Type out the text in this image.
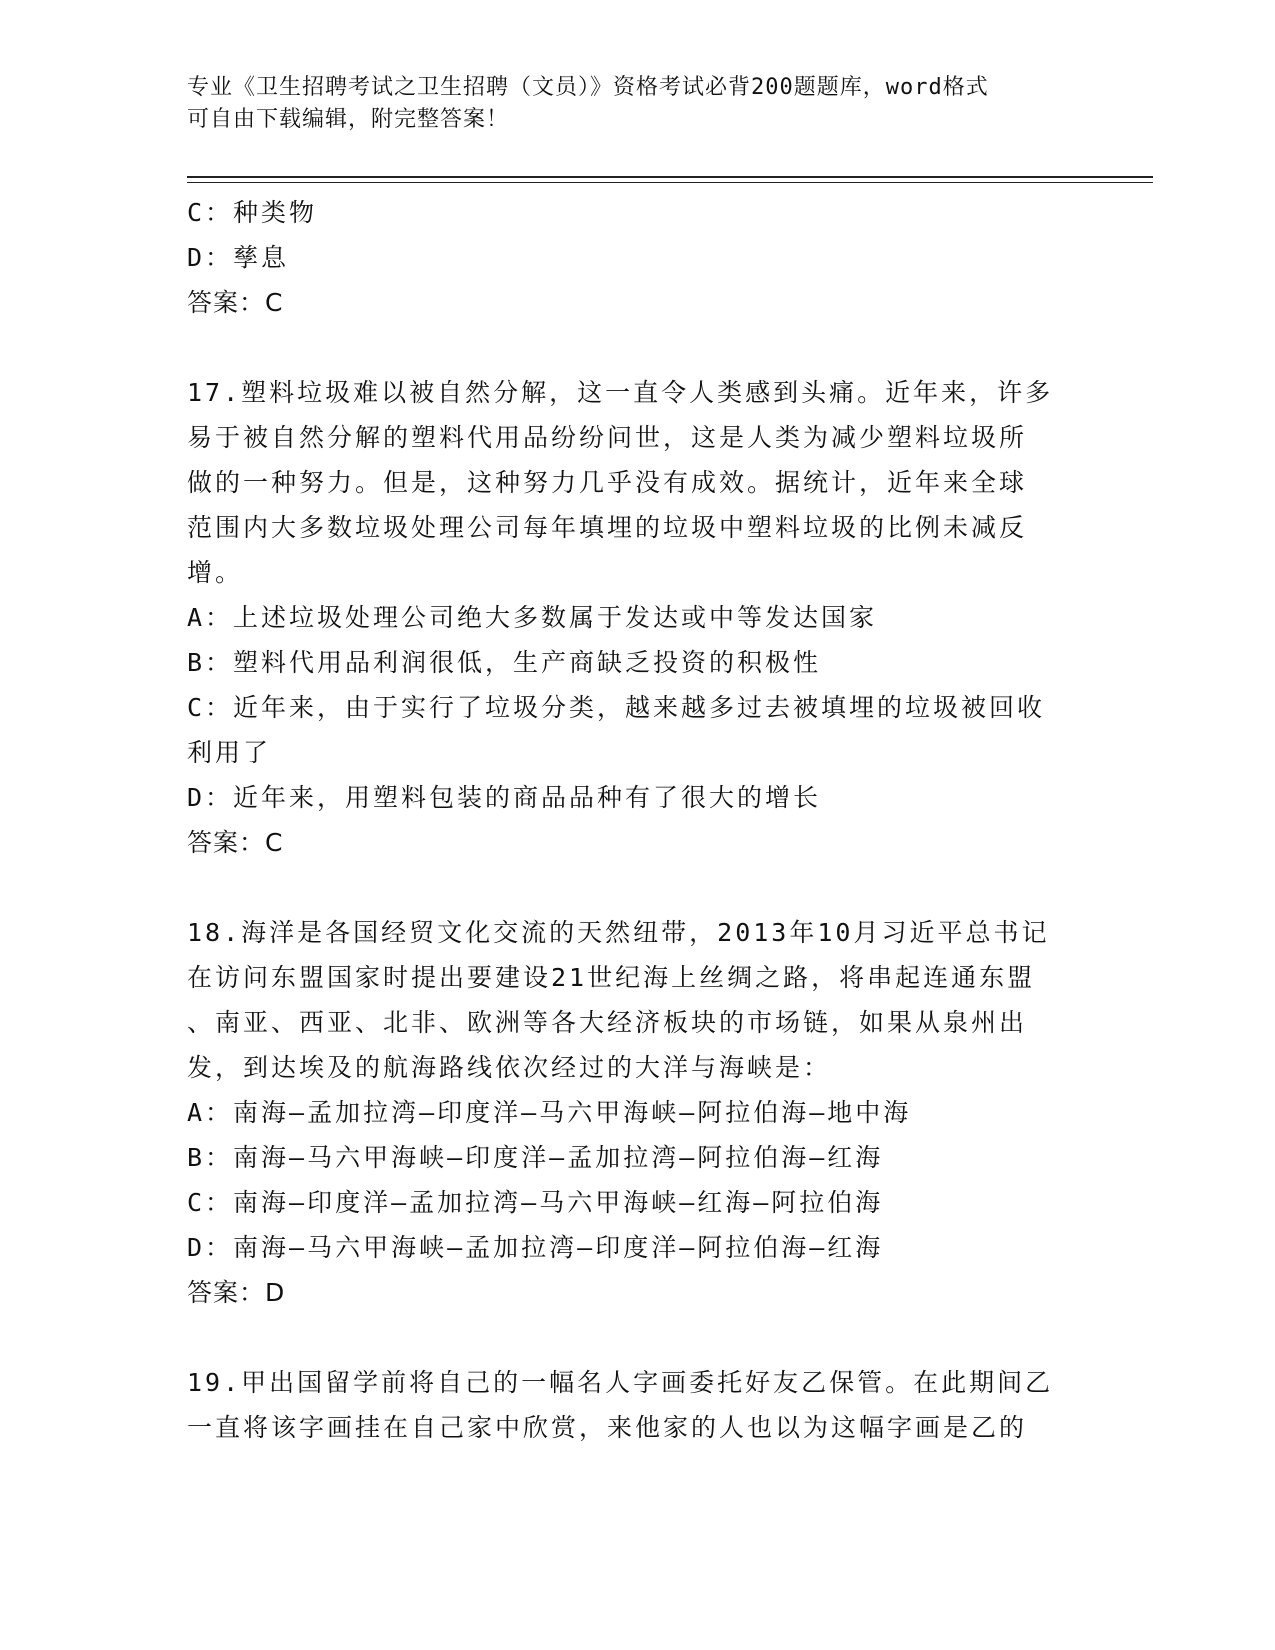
专业《卫生招聘考试之卫生招聘（文员）》资格考试必背200题题库，word格式
可自由下载编辑，附完整答案！
C：种类物
D：孳息
答案：C
17.塑料垃圾难以被自然分解，这一直令人类感到头痛。近年来，许多
易于被自然分解的塑料代用品纷纷问世，这是人类为减少塑料垃圾所
做的一种努力。但是，这种努力几乎没有成效。据统计，近年来全球
范围内大多数垃圾处理公司每年填埋的垃圾中塑料垃圾的比例未减反
增。
A：上述垃圾处理公司绝大多数属于发达或中等发达国家
B：塑料代用品利润很低，生产商缺乏投资的积极性
C：近年来，由于实行了垃圾分类，越来越多过去被填埋的垃圾被回收
利用了
D：近年来，用塑料包装的商品品种有了很大的增长
答案：C
18.海洋是各国经贸文化交流的天然纽带，2013年10月习近平总书记
在访问东盟国家时提出要建设21世纪海上丝绸之路，将串起连通东盟
、南亚、西亚、北非、欧洲等各大经济板块的市场链，如果从泉州出
发，到达埃及的航海路线依次经过的大洋与海峡是：
A：南海—孟加拉湾—印度洋—马六甲海峡—阿拉伯海—地中海
B：南海—马六甲海峡—印度洋—孟加拉湾—阿拉伯海—红海
C：南海—印度洋—孟加拉湾—马六甲海峡—红海—阿拉伯海
D：南海—马六甲海峡—孟加拉湾—印度洋—阿拉伯海—红海
答案：D
19.甲出国留学前将自己的一幅名人字画委托好友乙保管。在此期间乙
一直将该字画挂在自己家中欣赏，来他家的人也以为这幅字画是乙的
